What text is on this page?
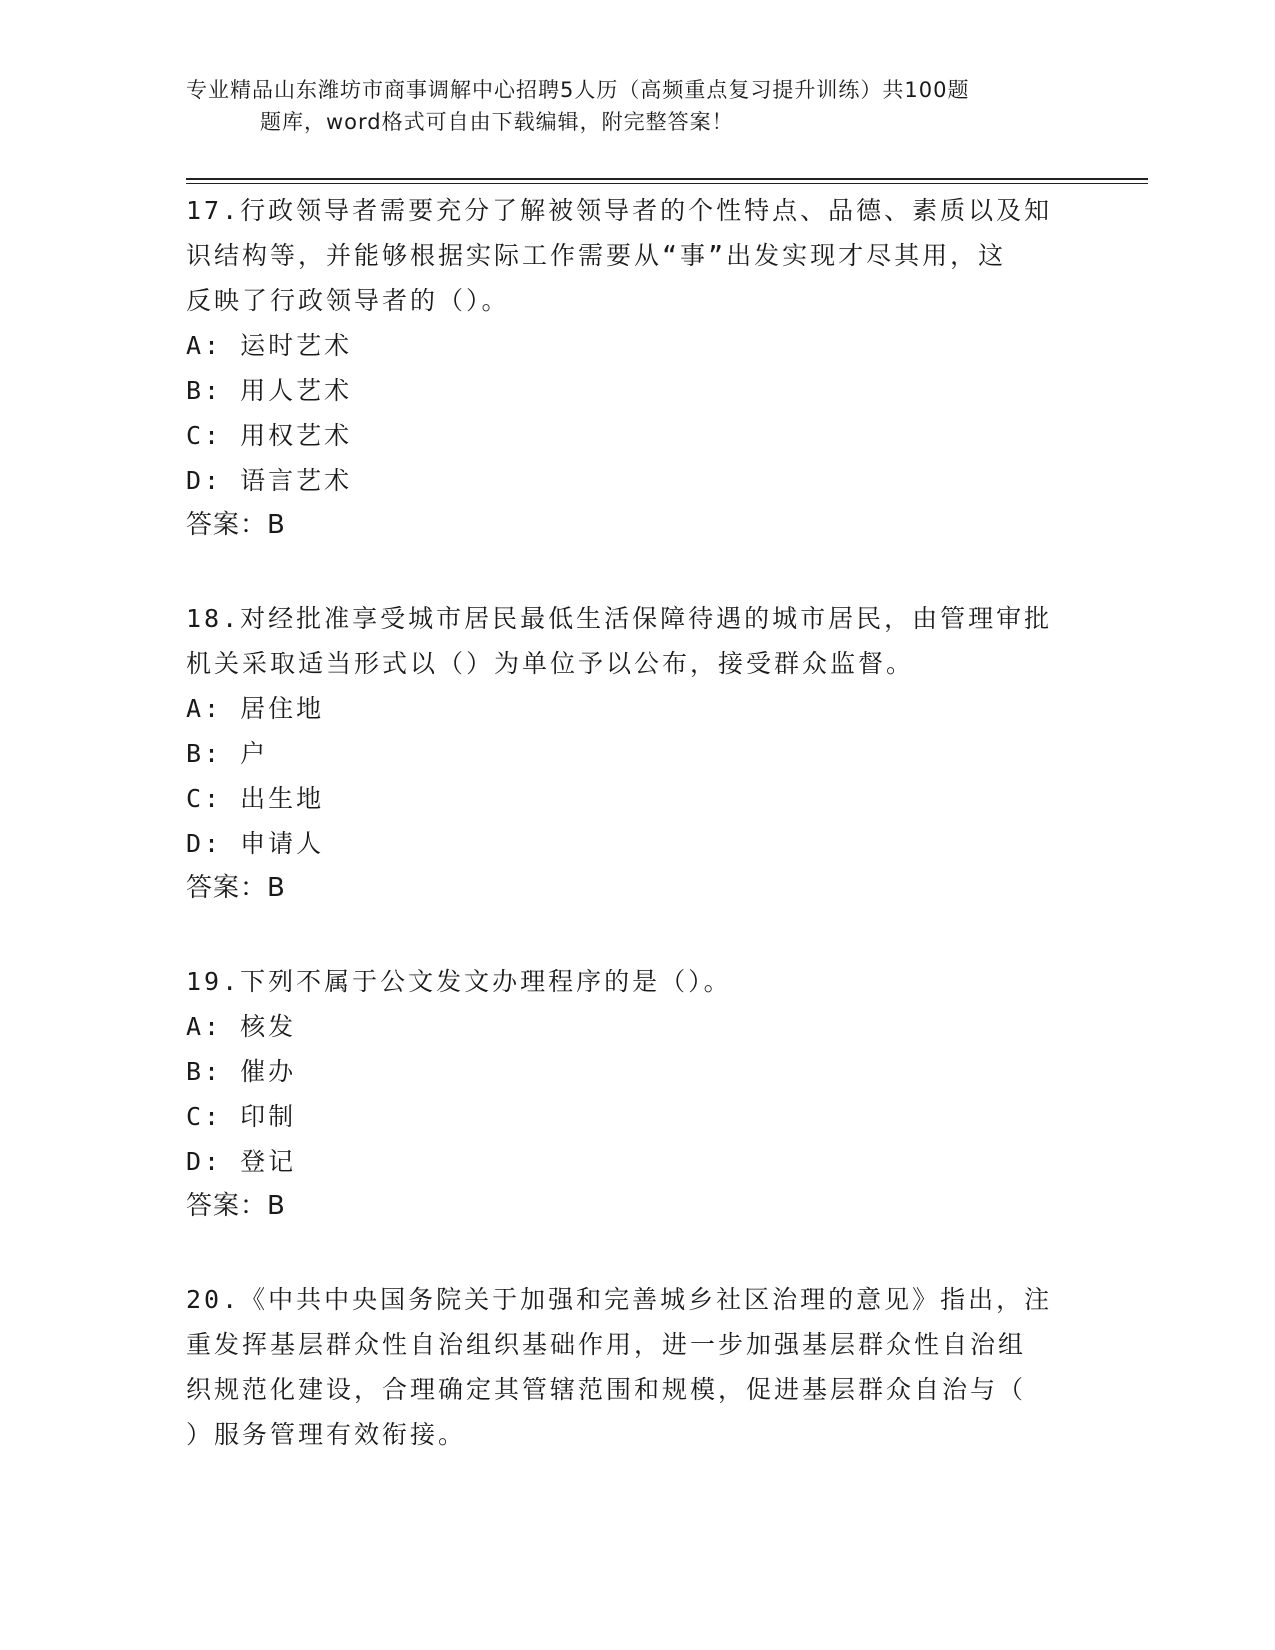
专业精品山东潍坊市商事调解中心招聘5人历（高频重点复习提升训练）共100题
题库，word格式可自由下载编辑，附完整答案！
17.行政领导者需要充分了解被领导者的个性特点、品德、素质以及知
识结构等，并能够根据实际工作需要从“事”出发实现才尽其用，这
反映了行政领导者的（）。
A: 运时艺术
B: 用人艺术
C: 用权艺术
D: 语言艺术
答案：B
18.对经批准享受城市居民最低生活保障待遇的城市居民，由管理审批
机关采取适当形式以（）为单位予以公布，接受群众监督。
A: 居住地
B: 户
C: 出生地
D: 申请人
答案：B
19.下列不属于公文发文办理程序的是（）。
A: 核发
B: 催办
C: 印制
D: 登记
答案：B
20.《中共中央国务院关于加强和完善城乡社区治理的意见》指出，注
重发挥基层群众性自治组织基础作用，进一步加强基层群众性自治组
织规范化建设，合理确定其管辖范围和规模，促进基层群众自治与（
）服务管理有效衔接。
